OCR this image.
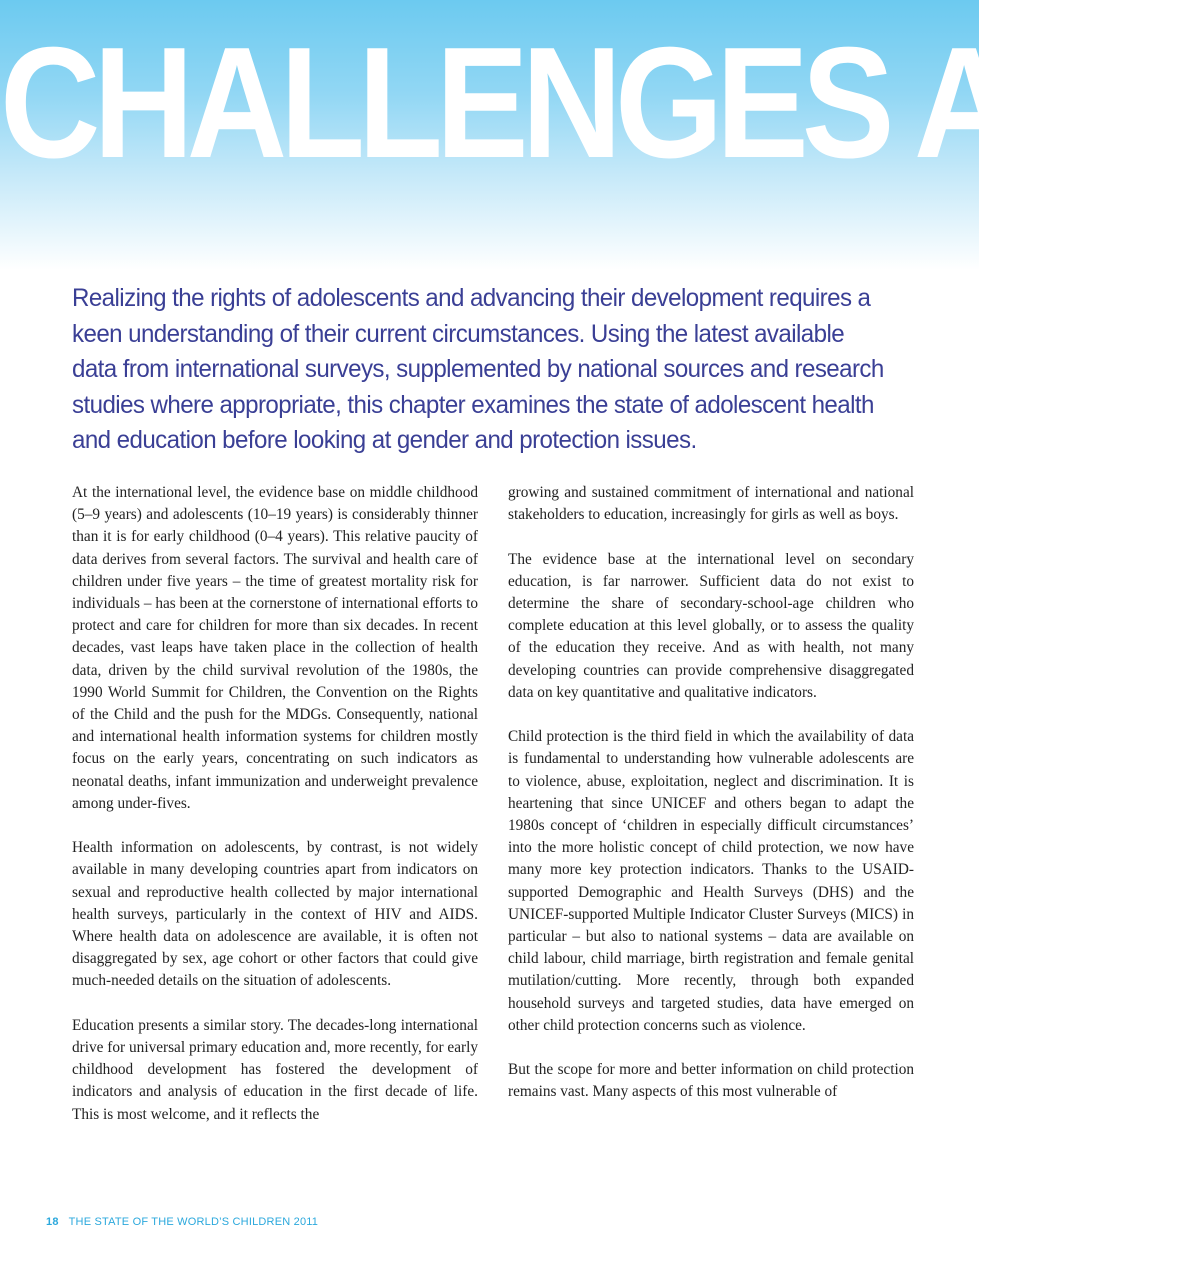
CHALLENGES AND
Realizing the rights of adolescents and advancing their development requires a keen understanding of their current circumstances. Using the latest available data from international surveys, supplemented by national sources and research studies where appropriate, this chapter examines the state of adolescent health and education before looking at gender and protection issues.

At the international level, the evidence base on middle childhood (5–9 years) and adolescents (10–19 years) is considerably thinner than it is for early childhood (0–4 years). This relative paucity of data derives from several factors. The survival and health care of children under five years – the time of greatest mortality risk for individuals – has been at the cornerstone of international efforts to protect and care for children for more than six decades. In recent decades, vast leaps have taken place in the collection of health data, driven by the child survival revolution of the 1980s, the 1990 World Summit for Children, the Convention on the Rights of the Child and the push for the MDGs. Consequently, national and international health information systems for children mostly focus on the early years, concentrating on such indicators as neonatal deaths, infant immunization and underweight prevalence among under-fives.

Health information on adolescents, by contrast, is not widely available in many developing countries apart from indicators on sexual and reproductive health collected by major international health surveys, particularly in the context of HIV and AIDS. Where health data on adolescence are available, it is often not disaggregated by sex, age cohort or other factors that could give much-needed details on the situation of adolescents.

Education presents a similar story. The decades-long international drive for universal primary education and, more recently, for early childhood development has fostered the development of indicators and analysis of education in the first decade of life. This is most welcome, and it reflects the

growing and sustained commitment of international and national stakeholders to education, increasingly for girls as well as boys.

The evidence base at the international level on secondary education, is far narrower. Sufficient data do not exist to determine the share of secondary-school-age children who complete education at this level globally, or to assess the quality of the education they receive. And as with health, not many developing countries can provide comprehensive disaggregated data on key quantitative and qualitative indicators.

Child protection is the third field in which the availability of data is fundamental to understanding how vulnerable adolescents are to violence, abuse, exploitation, neglect and discrimination. It is heartening that since UNICEF and others began to adapt the 1980s concept of ‘children in especially difficult circumstances’ into the more holistic concept of child protection, we now have many more key protection indicators. Thanks to the USAID-supported Demographic and Health Surveys (DHS) and the UNICEF-supported Multiple Indicator Cluster Surveys (MICS) in particular – but also to national systems – data are available on child labour, child marriage, birth registration and female genital mutilation/cutting. More recently, through both expanded household surveys and targeted studies, data have emerged on other child protection concerns such as violence.

But the scope for more and better information on child protection remains vast. Many aspects of this most vulnerable of

18 THE STATE OF THE WORLD’S CHILDREN 2011
